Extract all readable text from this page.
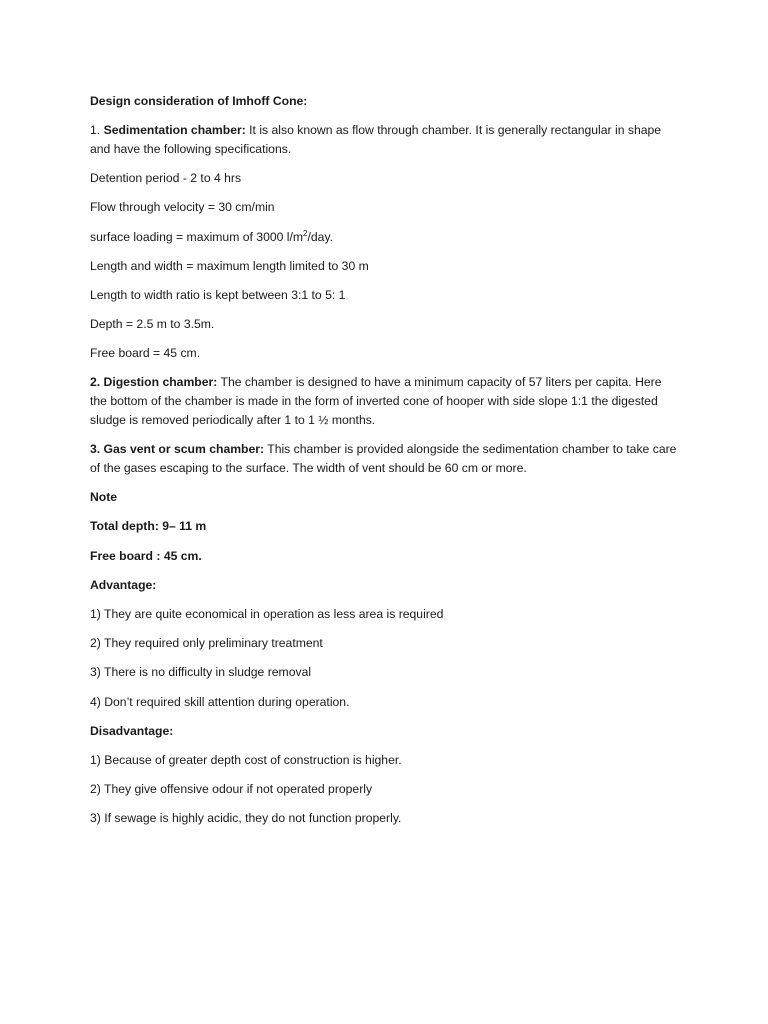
Design consideration of Imhoff Cone:

1. Sedimentation chamber: It is also known as flow through chamber. It is generally rectangular in shape and have the following specifications.

Detention period - 2 to 4 hrs

Flow through velocity = 30 cm/min

surface loading = maximum of 3000 $l/m^2$/day.

Length and width = maximum length limited to 30 m

Length to width ratio is kept between 3:1 to 5: 1

Depth = 2.5 m to 3.5m.

Free board = 45 cm.

2. Digestion chamber: The chamber is designed to have a minimum capacity of 57 liters per capita. Here the bottom of the chamber is made in the form of inverted cone of hooper with side slope 1:1 the digested sludge is removed periodically after 1 to 1 ½ months.

3. Gas vent or scum chamber: This chamber is provided alongside the sedimentation chamber to take care of the gases escaping to the surface. The width of vent should be 60 cm or more.

Note

Total depth: 9– 11 m

Free board : 45 cm.

Advantage:

1) They are quite economical in operation as less area is required

2) They required only preliminary treatment

3) There is no difficulty in sludge removal

4) Don’t required skill attention during operation.

Disadvantage:

1) Because of greater depth cost of construction is higher.

2) They give offensive odour if not operated properly

3) If sewage is highly acidic, they do not function properly.
